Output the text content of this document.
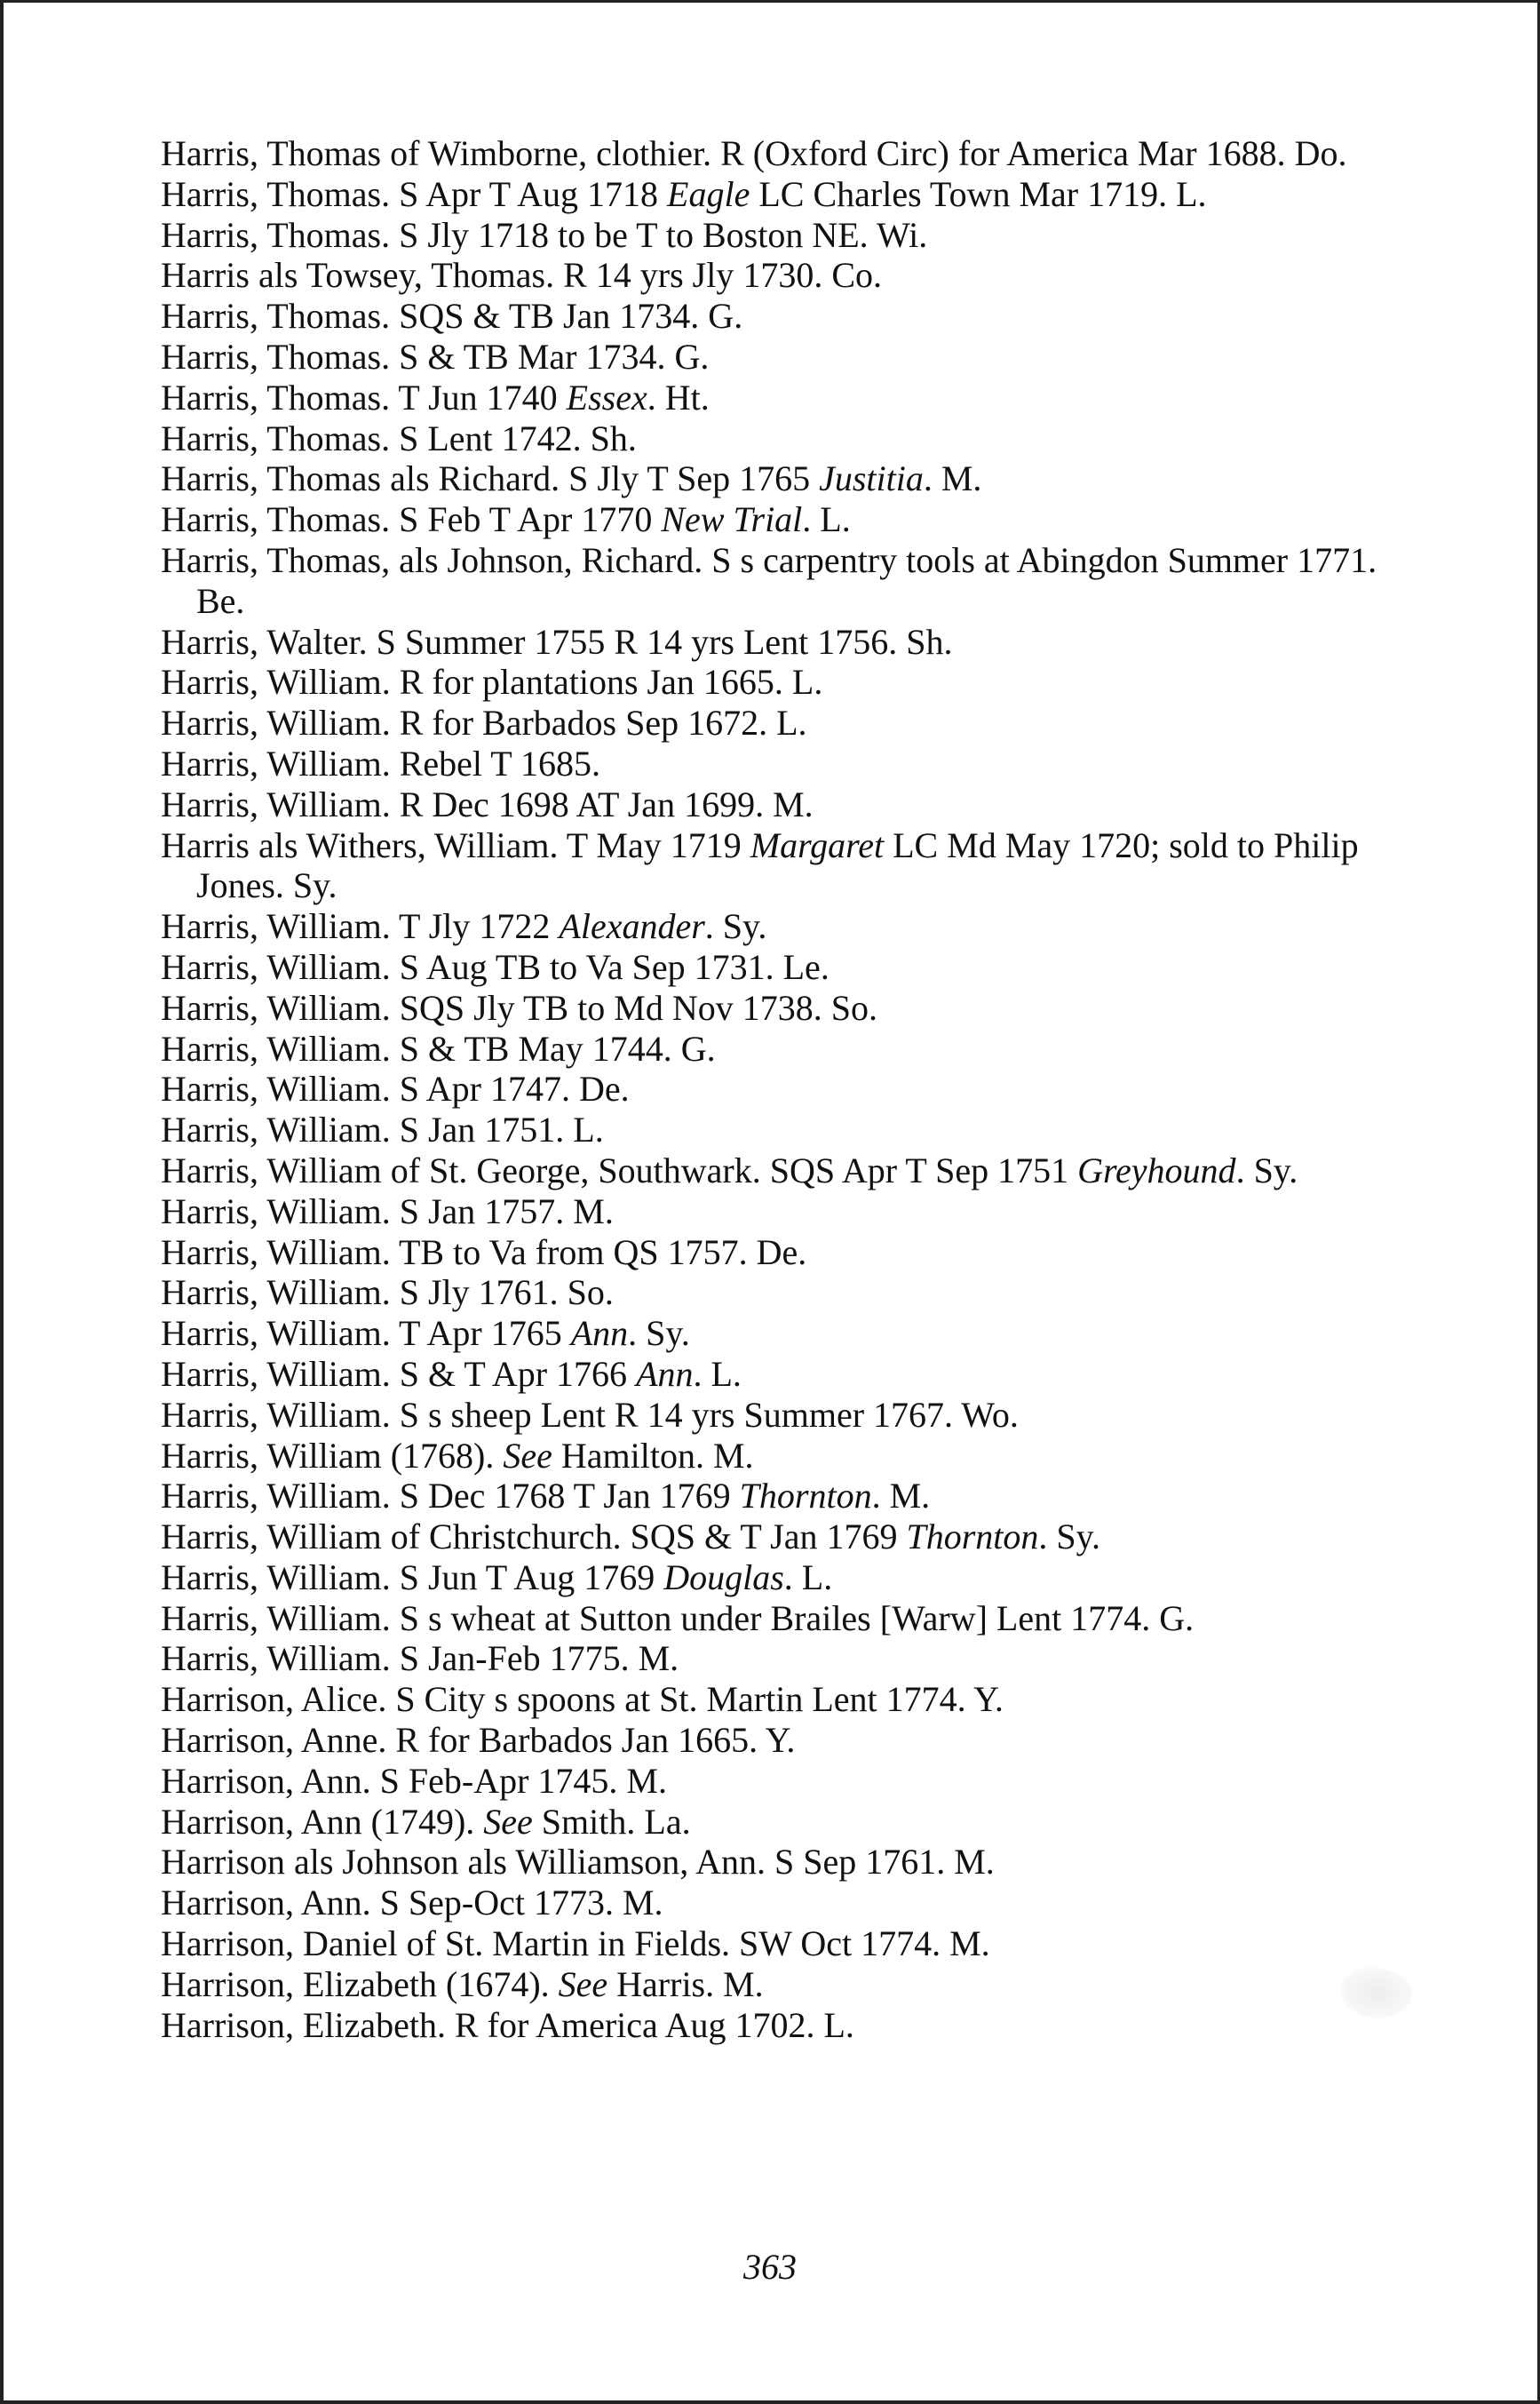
Harris, Thomas of Wimborne, clothier. R (Oxford Circ) for America Mar 1688. Do.
Harris, Thomas. S Apr T Aug 1718 Eagle LC Charles Town Mar 1719. L.
Harris, Thomas. S Jly 1718 to be T to Boston NE. Wi.
Harris als Towsey, Thomas. R 14 yrs Jly 1730. Co.
Harris, Thomas. SQS & TB Jan 1734. G.
Harris, Thomas. S & TB Mar 1734. G.
Harris, Thomas. T Jun 1740 Essex. Ht.
Harris, Thomas. S Lent 1742. Sh.
Harris, Thomas als Richard. S Jly T Sep 1765 Justitia. M.
Harris, Thomas. S Feb T Apr 1770 New Trial. L.
Harris, Thomas, als Johnson, Richard. S s carpentry tools at Abingdon Summer 1771. Be.
Harris, Walter. S Summer 1755 R 14 yrs Lent 1756. Sh.
Harris, William. R for plantations Jan 1665. L.
Harris, William. R for Barbados Sep 1672. L.
Harris, William. Rebel T 1685.
Harris, William. R Dec 1698 AT Jan 1699. M.
Harris als Withers, William. T May 1719 Margaret LC Md May 1720; sold to Philip Jones. Sy.
Harris, William. T Jly 1722 Alexander. Sy.
Harris, William. S Aug TB to Va Sep 1731. Le.
Harris, William. SQS Jly TB to Md Nov 1738. So.
Harris, William. S & TB May 1744. G.
Harris, William. S Apr 1747. De.
Harris, William. S Jan 1751. L.
Harris, William of St. George, Southwark. SQS Apr T Sep 1751 Greyhound. Sy.
Harris, William. S Jan 1757. M.
Harris, William. TB to Va from QS 1757. De.
Harris, William. S Jly 1761. So.
Harris, William. T Apr 1765 Ann. Sy.
Harris, William. S & T Apr 1766 Ann. L.
Harris, William. S s sheep Lent R 14 yrs Summer 1767. Wo.
Harris, William (1768). See Hamilton. M.
Harris, William. S Dec 1768 T Jan 1769 Thornton. M.
Harris, William of Christchurch. SQS & T Jan 1769 Thornton. Sy.
Harris, William. S Jun T Aug 1769 Douglas. L.
Harris, William. S s wheat at Sutton under Brailes [Warw] Lent 1774. G.
Harris, William. S Jan-Feb 1775. M.
Harrison, Alice. S City s spoons at St. Martin Lent 1774. Y.
Harrison, Anne. R for Barbados Jan 1665. Y.
Harrison, Ann. S Feb-Apr 1745. M.
Harrison, Ann (1749). See Smith. La.
Harrison als Johnson als Williamson, Ann. S Sep 1761. M.
Harrison, Ann. S Sep-Oct 1773. M.
Harrison, Daniel of St. Martin in Fields. SW Oct 1774. M.
Harrison, Elizabeth (1674). See Harris. M.
Harrison, Elizabeth. R for America Aug 1702. L.
363
